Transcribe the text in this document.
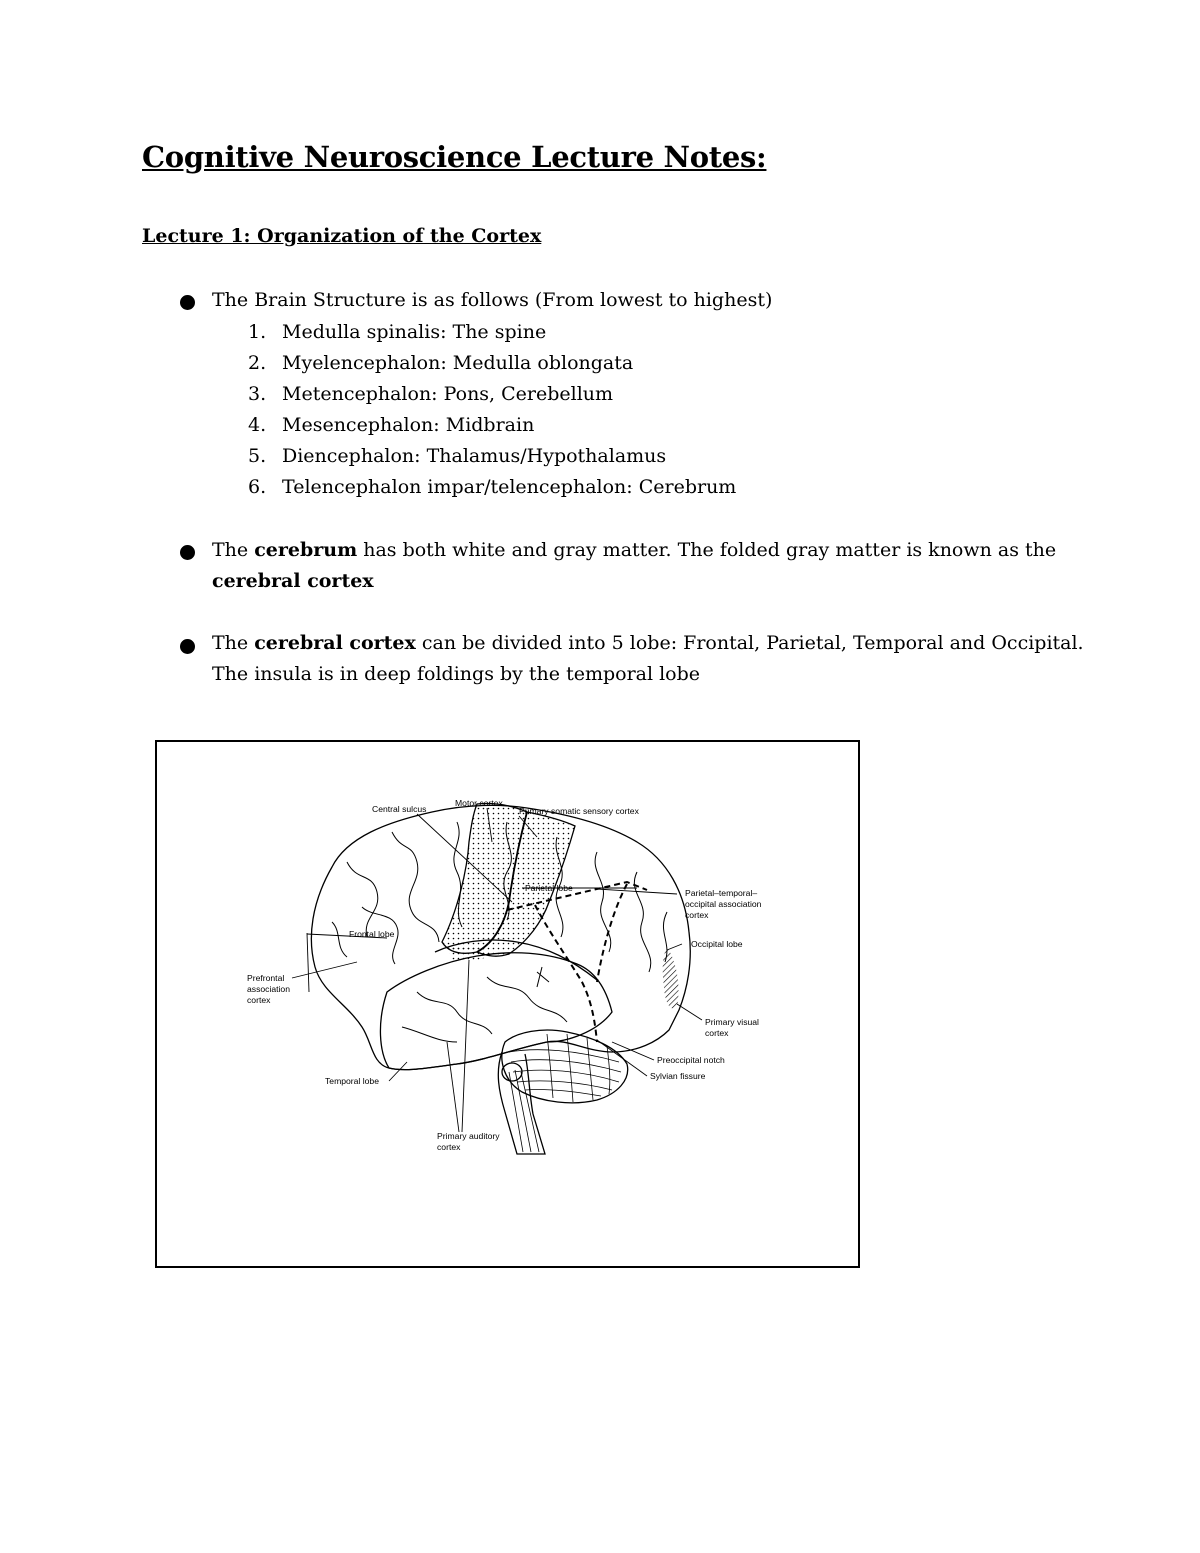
Cognitive Neuroscience Lecture Notes:
Lecture 1: Organization of the Cortex
The Brain Structure is as follows (From lowest to highest)
1. Medulla spinalis: The spine
2. Myelencephalon: Medulla oblongata
3. Metencephalon: Pons, Cerebellum
4. Mesencephalon: Midbrain
5. Diencephalon: Thalamus/Hypothalamus
6. Telencephalon impar/telencephalon: Cerebrum
The cerebrum has both white and gray matter. The folded gray matter is known as the
cerebral cortex
The cerebral cortex can be divided into 5 lobe: Frontal, Parietal, Temporal and Occipital.
The insula is in deep foldings by the temporal lobe
Central sulcus
Motor cortex
Primary somatic sensory cortex
Parietal lobe	Parietal–temporal–
occipital association
cortex
Frontal lobe
Occipital lobe
Prefrontal
association
cortex
Primary visual
cortex
Preoccipital notch
Sylvian fissure
Temporal lobe
Primary auditory
cortex
